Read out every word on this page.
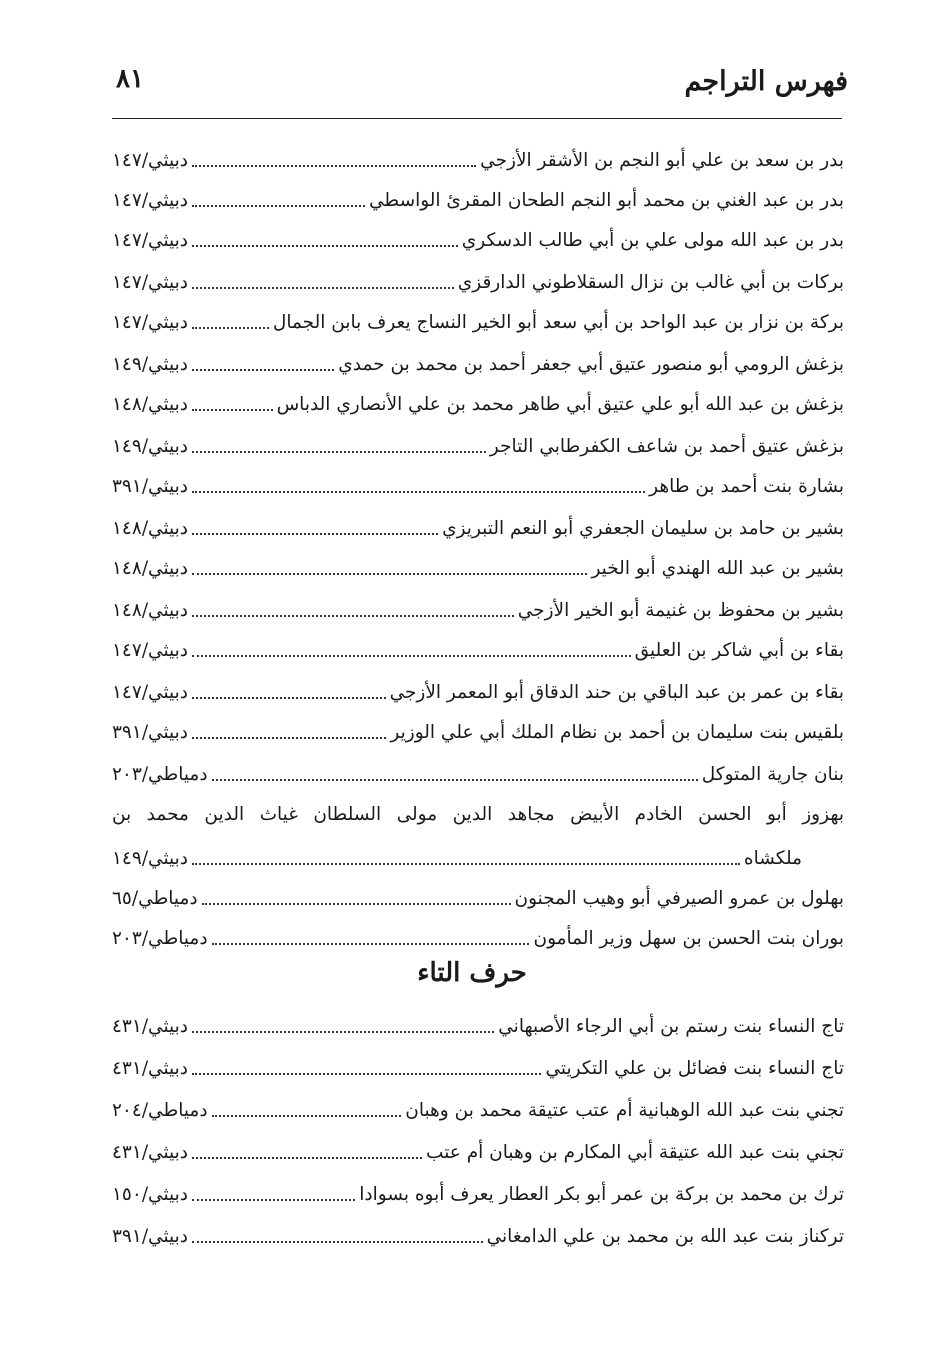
فهرس التراجم
٨١
بدر بن سعد بن علي أبو النجم بن الأشقر الأزجي
دبيثي/١٤٧
بدر بن عبد الغني بن محمد أبو النجم الطحان المقرئ الواسطي
دبيثي/١٤٧
بدر بن عبد الله مولى علي بن أبي طالب الدسكري
دبيثي/١٤٧
بركات بن أبي غالب بن نزال السقلاطوني الدارقزي
دبيثي/١٤٧
بركة بن نزار بن عبد الواحد بن أبي سعد أبو الخير النساج يعرف بابن الجمال
دبيثي/١٤٧
بزغش الرومي أبو منصور عتيق أبي جعفر أحمد بن محمد بن حمدي
دبيثي/١٤٩
بزغش بن عبد الله أبو علي عتيق أبي طاهر محمد بن علي الأنصاري الدباس
دبيثي/١٤٨
بزغش عتيق أحمد بن شاعف الكفرطابي التاجر
دبيثي/١٤٩
بشارة بنت أحمد بن طاهر
دبيثي/٣٩١
بشير بن حامد بن سليمان الجعفري أبو النعم التبريزي
دبيثي/١٤٨
بشير بن عبد الله الهندي أبو الخير
دبيثي/١٤٨
بشير بن محفوظ بن غنيمة أبو الخير الأزجي
دبيثي/١٤٨
بقاء بن أبي شاكر بن العليق
دبيثي/١٤٧
بقاء بن عمر بن عبد الباقي بن حند الدقاق أبو المعمر الأزجي
دبيثي/١٤٧
بلقيس بنت سليمان بن أحمد بن نظام الملك أبي علي الوزير
دبيثي/٣٩١
بنان جارية المتوكل
دمياطي/٢٠٣
بهزوز أبو الحسن الخادم الأبيض مجاهد الدين مولى السلطان غياث الدين محمد بن
ملكشاه
دبيثي/١٤٩
بهلول بن عمرو الصيرفي أبو وهيب المجنون
دمياطي/٦٥
بوران بنت الحسن بن سهل وزير المأمون
دمياطي/٢٠٣
حرف التاء
تاج النساء بنت رستم بن أبي الرجاء الأصبهاني
دبيثي/٤٣١
تاج النساء بنت فضائل بن علي التكريتي
دبيثي/٤٣١
تجني بنت عبد الله الوهبانية أم عتب عتيقة محمد بن وهبان
دمياطي/٢٠٤
تجني بنت عبد الله عتيقة أبي المكارم بن وهبان أم عتب
دبيثي/٤٣١
ترك بن محمد بن بركة بن عمر أبو بكر العطار يعرف أبوه بسوادا
دبيثي/١٥٠
تركناز بنت عبد الله بن محمد بن علي الدامغاني
دبيثي/٣٩١
